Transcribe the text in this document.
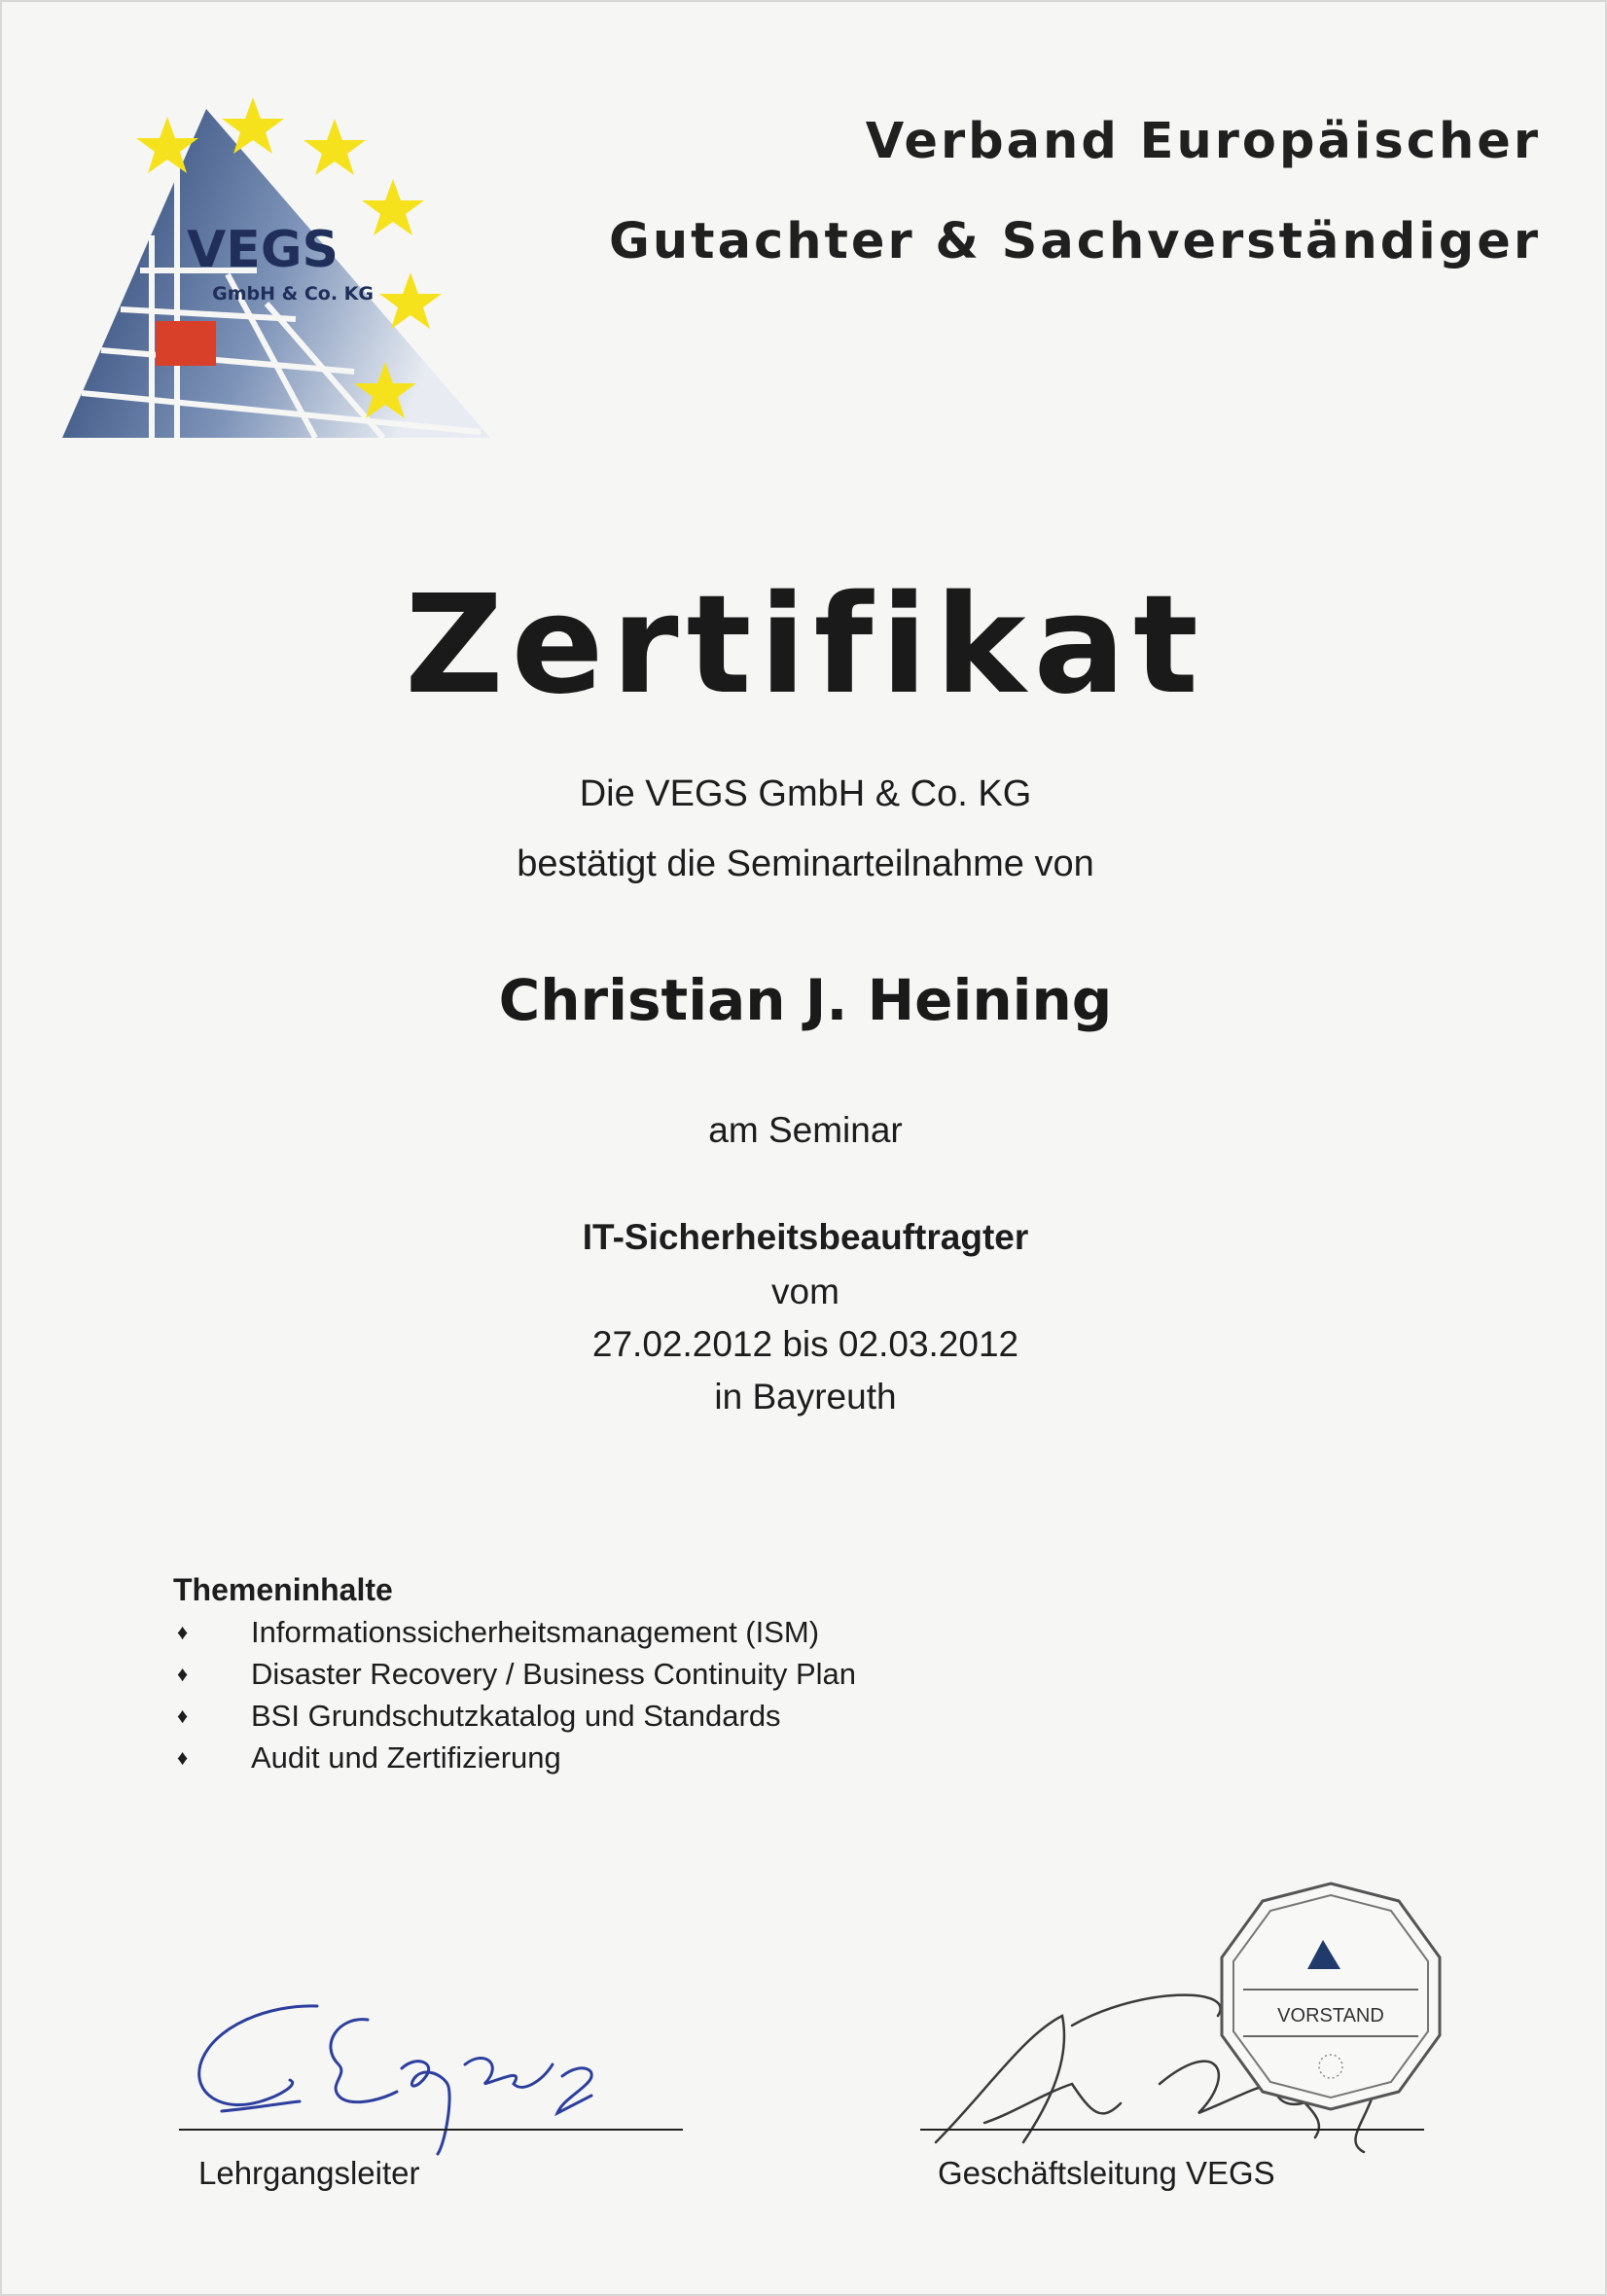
VEGS
GmbH & Co. KG
Verband Europäischer
Gutachter & Sachverständiger
Zertifikat
Die VEGS GmbH & Co. KG
bestätigt die Seminarteilnahme von
Christian J. Heining
am Seminar
IT-Sicherheitsbeauftragter
vom
27.02.2012 bis 02.03.2012
in Bayreuth
Themeninhalte
♦ Informationssicherheitsmanagement (ISM)
♦ Disaster Recovery / Business Continuity Plan
♦ BSI Grundschutzkatalog und Standards
♦ Audit und Zertifizierung
Lehrgangsleiter	Geschäftsleitung VEGS
VORSTAND
